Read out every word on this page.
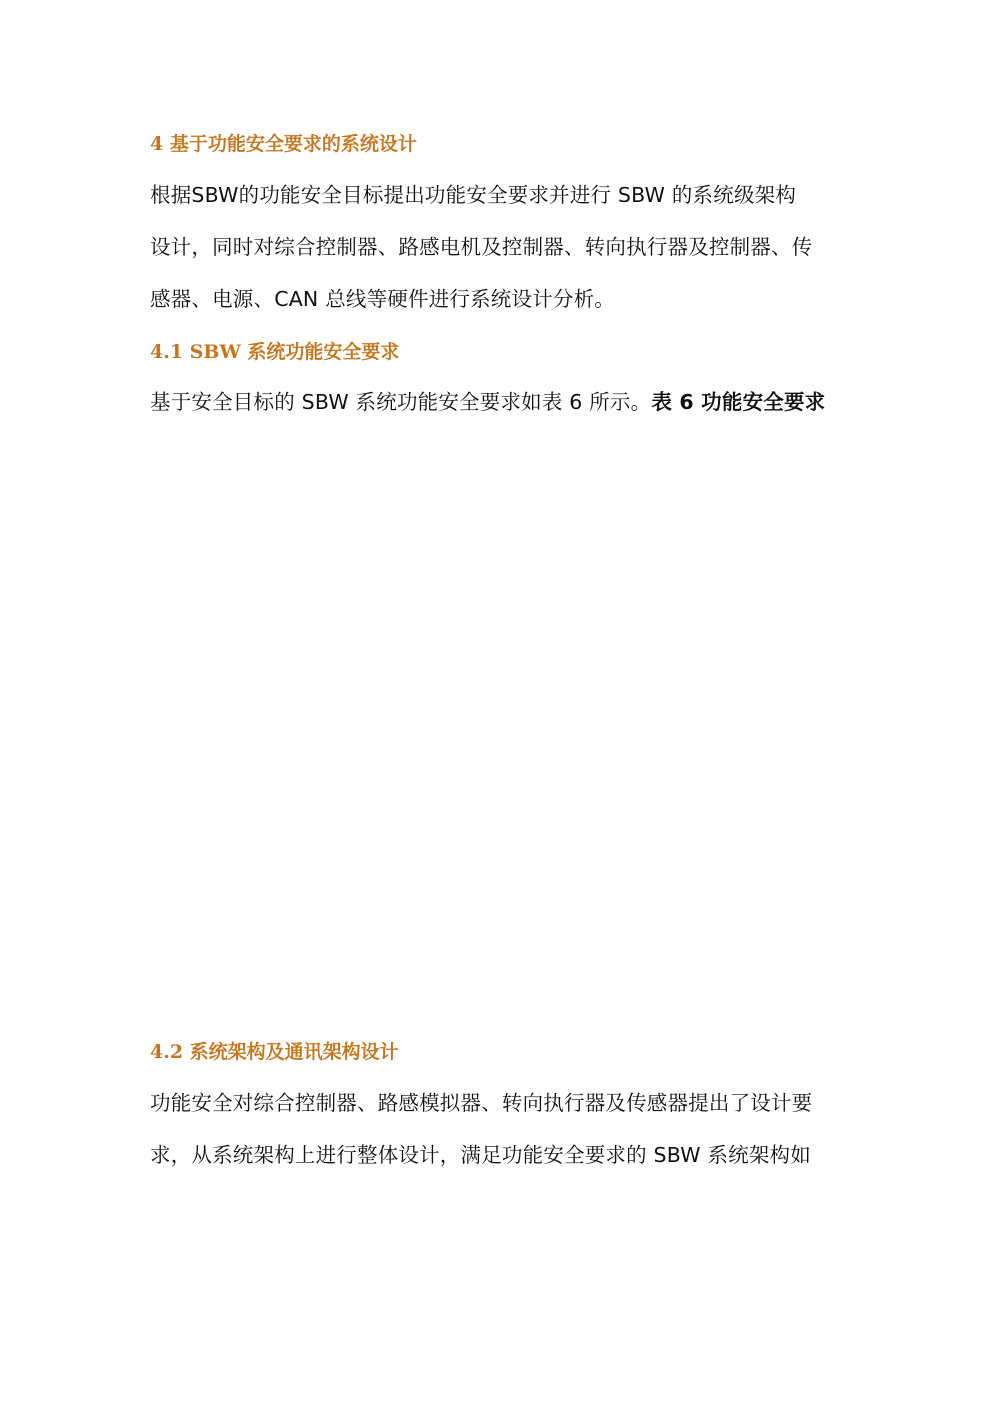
4 基于功能安全要求的系统设计
根据SBW的功能安全目标提出功能安全要求并进行 SBW 的系统级架构
设计，同时对综合控制器、路感电机及控制器、转向执行器及控制器、传
感器、电源、CAN 总线等硬件进行系统设计分析。
4.1 SBW 系统功能安全要求
基于安全目标的 SBW 系统功能安全要求如表 6 所示。表 6 功能安全要求
4.2 系统架构及通讯架构设计
功能安全对综合控制器、路感模拟器、转向执行器及传感器提出了设计要
求，从系统架构上进行整体设计，满足功能安全要求的 SBW 系统架构如
